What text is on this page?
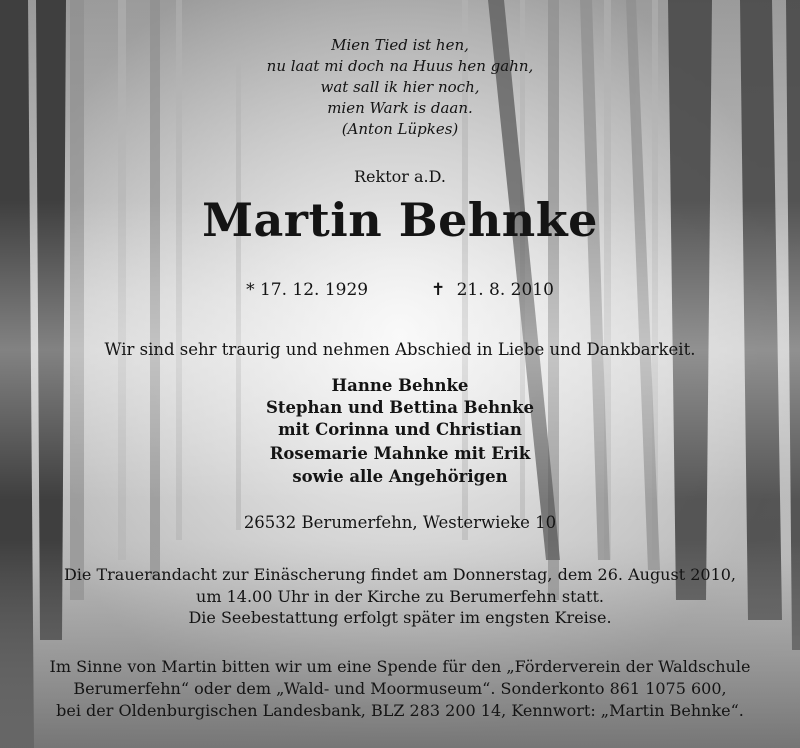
Mien Tied ist hen,
nu laat mi doch na Huus hen gahn,
wat sall ik hier noch,
mien Wark is daan.
(Anton Lüpkes)
Rektor a.D.
Martin Behnke
* 17. 12. 1929	✝ 21. 8. 2010
Wir sind sehr traurig und nehmen Abschied in Liebe und Dankbarkeit.
Hanne Behnke
Stephan und Bettina Behnke
mit Corinna und Christian
Rosemarie Mahnke mit Erik
sowie alle Angehörigen
26532 Berumerfehn, Westerwieke 10
Die Trauerandacht zur Einäscherung findet am Donnerstag, dem 26. August 2010,
um 14.00 Uhr in der Kirche zu Berumerfehn statt.
Die Seebestattung erfolgt später im engsten Kreise.
Im Sinne von Martin bitten wir um eine Spende für den „Förderverein der Waldschule
Berumerfehn“ oder dem „Wald- und Moormuseum“. Sonderkonto 861 1075 600,
bei der Oldenburgischen Landesbank, BLZ 283 200 14, Kennwort: „Martin Behnke“.
